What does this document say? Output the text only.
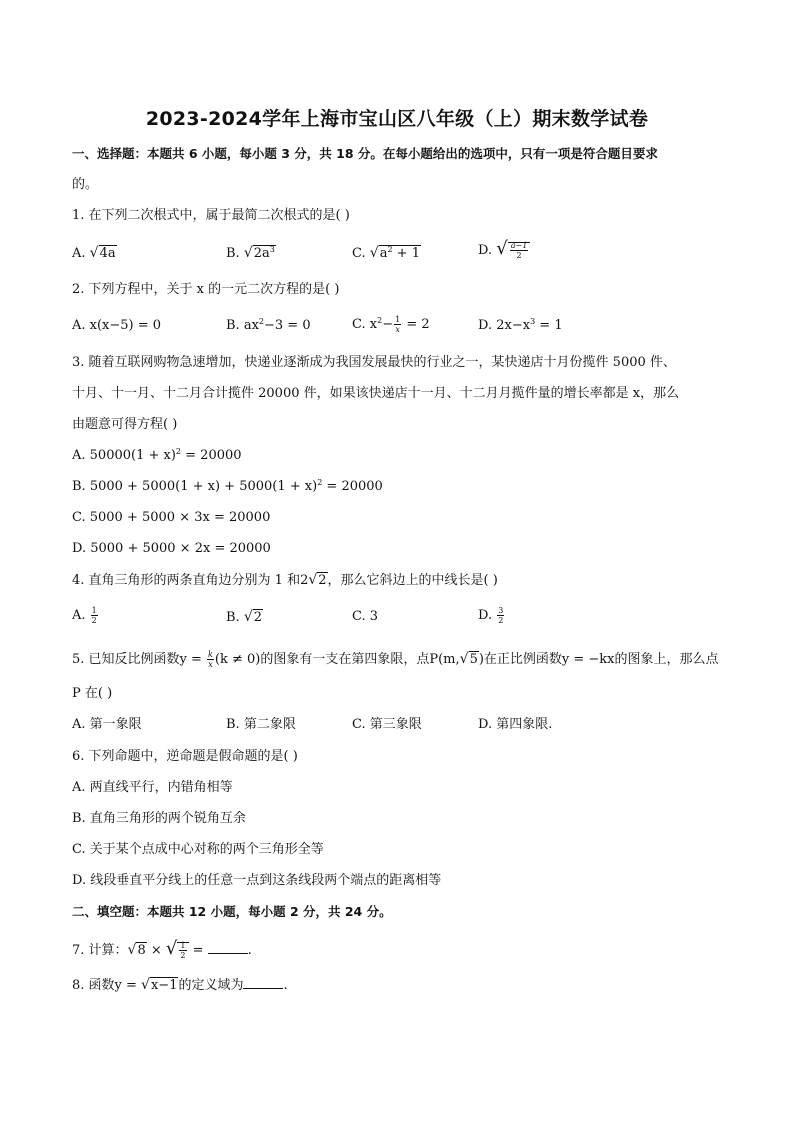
2023-2024学年上海市宝山区八年级（上）期末数学试卷
一、选择题：本题共 6 小题，每小题 3 分，共 18 分。在每小题给出的选项中，只有一项是符合题目要求
的。
1. 在下列二次根式中，属于最简二次根式的是( )
A. √4a	B. $√2a^3$	C. $√a^2 + 1$	D. √ $\frac{a-1}{2}$
2. 下列方程中，关于 x 的一元二次方程的是( )
A. x(x−5) = 0	B. $ax^2-3 = 0$	C. $x^2- \frac{1}{x} = 2$	D. $2x-x^3 = 1$
3. 随着互联网购物急速增加，快递业逐渐成为我国发展最快的行业之一，某快递店十月份揽件 5000 件、
十月、十一月、十二月合计揽件 20000 件，如果该快递店十一月、十二月月揽件量的增长率都是 x，那么
由题意可得方程( )
A. $50000(1 + x)^2 = 20000$
B. $5000 + 5000(1 + x) + 5000(1 + x)^2 = 20000$
C. 5000 + 5000 × 3x = 20000
D. 5000 + 5000 × 2x = 20000
4. 直角三角形的两条直角边分别为 1 和2√2，那么它斜边上的中线长是( )
A. $\frac{1}{2}$	B. √2	C. 3	D. $\frac{3}{2}$
5. 已知反比例函数$y = \frac{k}{x} (k \ne 0)$的图象有一支在第四象限，点P(m,√5)在正比例函数y = −kx的图象上，那么点
P 在( )
A. 第一象限	B. 第二象限	C. 第三象限	D. 第四象限.
6. 下列命题中，逆命题是假命题的是( )
A. 两直线平行，内错角相等
B. 直角三角形的两个锐角互余
C. 关于某个点成中心对称的两个三角形全等
D. 线段垂直平分线上的任意一点到这条线段两个端点的距离相等
二、填空题：本题共 12 小题，每小题 2 分，共 24 分。
7. 计算：√8 × √ $\frac{1}{2}$ =	.
8. 函数y = √x−1的定义域为	.
